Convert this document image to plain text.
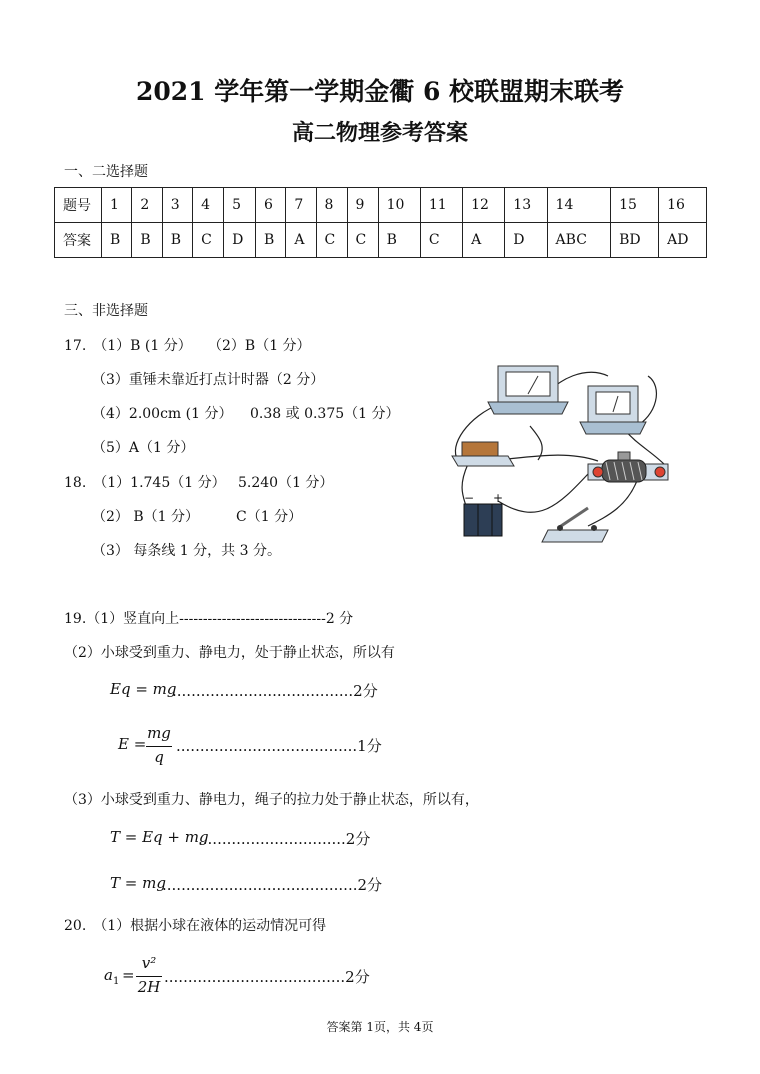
2021 学年第一学期金衢 6 校联盟期末联考
高二物理参考答案
一、二选择题
题号	1	2	3	4	5	6	7	8	9	10	11	12	13	14	15	16
答案	B	B	B	C	D	B	A	C	C	B	C	A	D	ABC	BD	AD
三、非选择题
17.　（1）B (1 分） （2）B（1 分）
（3）重锤未靠近打点计时器（2 分）
（4）2.00cm (1 分） 0.38 或 0.375（1 分）
（5）A（1 分）
18.　（1）1.745（1 分） 5.240（1 分）
（2） B（1 分）	C（1 分）
（3） 每条线 1 分，共 3 分。
− +
19.（1）竖直向上-------------------------------2 分
（2）小球受到重力、静电力，处于静止状态，所以有
Eq = mg
......................................2分
E =
mg
q
......................................1分
（3）小球受到重力、静电力，绳子的拉力处于静止状态，所以有，
T = Eq + mg
...............................2分
T = mg
.........................................2分
20.　（1）根据小球在液体的运动情况可得
a 1 =
v²
2H
......................................2分
答案第 1页，共 4页
